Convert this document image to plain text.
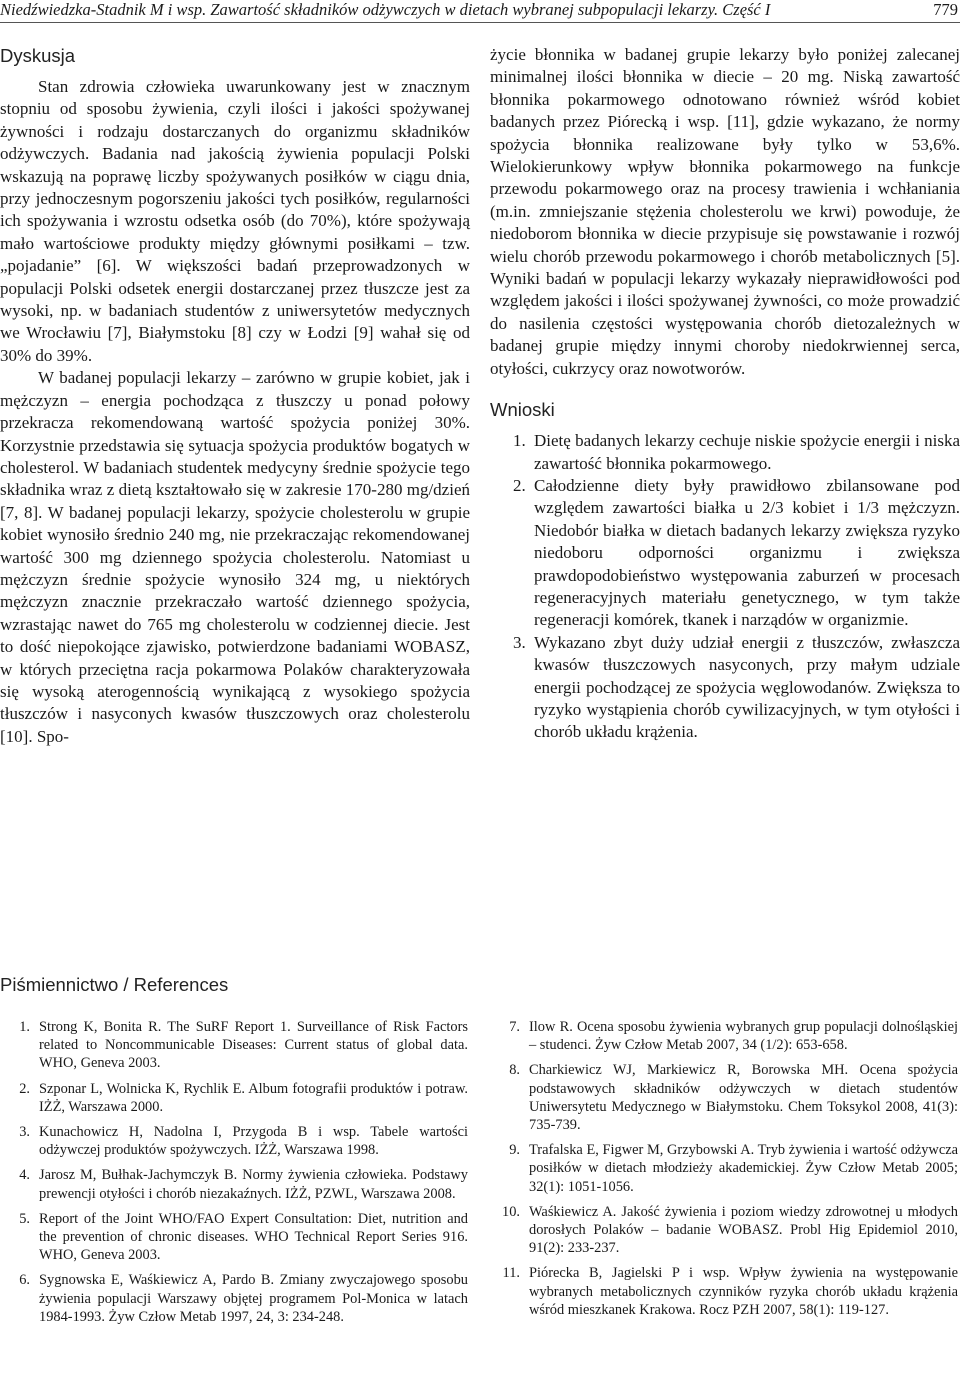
Niedźwiedzka-Stadnik M i wsp. Zawartość składników odżywczych w dietach wybranej subpopulacji lekarzy. Część I	779
Dyskusja

Stan zdrowia człowieka uwarunkowany jest w znacznym stopniu od sposobu żywienia, czyli ilości i jakości spożywanej żywności i rodzaju dostarczanych do organizmu składników odżywczych. Badania nad jakością żywienia populacji Polski wskazują na poprawę liczby spożywanych posiłków w ciągu dnia, przy jednoczesnym pogorszeniu jakości tych posiłków, regularności ich spożywania i wzrostu odsetka osób (do 70%), które spożywają mało wartościowe produkty między głównymi posiłkami – tzw. „pojadanie” [6]. W większości badań przeprowadzonych w populacji Polski odsetek energii dostarczanej przez tłuszcze jest za wysoki, np. w badaniach studentów z uniwersytetów medycznych we Wrocławiu [7], Białymstoku [8] czy w Łodzi [9] wahał się od 30% do 39%.

W badanej populacji lekarzy – zarówno w grupie kobiet, jak i mężczyzn – energia pochodząca z tłuszczy u ponad połowy przekracza rekomendowaną wartość spożycia poniżej 30%. Korzystnie przedstawia się sytuacja spożycia produktów bogatych w cholesterol. W badaniach studentek medycyny średnie spożycie tego składnika wraz z dietą kształtowało się w zakresie 170-280 mg/dzień [7, 8]. W badanej populacji lekarzy, spożycie cholesterolu w grupie kobiet wynosiło średnio 240 mg, nie przekraczając rekomendowanej wartość 300 mg dziennego spożycia cholesterolu. Natomiast u mężczyzn średnie spożycie wynosiło 324 mg, u niektórych mężczyzn znacznie przekraczało wartość dziennego spożycia, wzrastając nawet do 765 mg cholesterolu w codziennej diecie. Jest to dość niepokojące zjawisko, potwierdzone badaniami WOBASZ, w których przeciętna racja pokarmowa Polaków charakteryzowała się wysoką aterogennością wynikającą z wysokiego spożycia tłuszczów i nasyconych kwasów tłuszczowych oraz cholesterolu [10]. Spo-

życie błonnika w badanej grupie lekarzy było poniżej zalecanej minimalnej ilości błonnika w diecie – 20 mg. Niską zawartość błonnika pokarmowego odnotowano również wśród kobiet badanych przez Piórecką i wsp. [11], gdzie wykazano, że normy spożycia błonnika realizowane były tylko w 53,6%. Wielokierunkowy wpływ błonnika pokarmowego na funkcje przewodu pokarmowego oraz na procesy trawienia i wchłaniania (m.in. zmniejszanie stężenia cholesterolu we krwi) powoduje, że niedoborom błonnika w diecie przypisuje się powstawanie i rozwój wielu chorób przewodu pokarmowego i chorób metabolicznych [5]. Wyniki badań w populacji lekarzy wykazały nieprawidłowości pod względem jakości i ilości spożywanej żywności, co może prowadzić do nasilenia częstości występowania chorób dietozależnych w badanej grupie między innymi choroby niedokrwiennej serca, otyłości, cukrzycy oraz nowotworów.

Wnioski
1. Dietę badanych lekarzy cechuje niskie spożycie energii i niska zawartość błonnika pokarmowego.
2. Całodzienne diety były prawidłowo zbilansowane pod względem zawartości białka u 2/3 kobiet i 1/3 mężczyzn. Niedobór białka w dietach badanych lekarzy zwiększa ryzyko niedoboru odporności organizmu i zwiększa prawdopodobieństwo występowania zaburzeń w procesach regeneracyjnych materiału genetycznego, w tym także regeneracji komórek, tkanek i narządów w organizmie.
3. Wykazano zbyt duży udział energii z tłuszczów, zwłaszcza kwasów tłuszczowych nasyconych, przy małym udziale energii pochodzącej ze spożycia węglowodanów. Zwiększa to ryzyko wystąpienia chorób cywilizacyjnych, w tym otyłości i chorób układu krążenia.
Piśmiennictwo / References
1. Strong K, Bonita R. The SuRF Report 1. Surveillance of Risk Factors related to Noncommunicable Diseases: Current status of global data. WHO, Geneva 2003.
2. Szponar L, Wolnicka K, Rychlik E. Album fotografii produktów i potraw. IŻŻ, Warszawa 2000.
3. Kunachowicz H, Nadolna I, Przygoda B i wsp. Tabele wartości odżywczej produktów spożywczych. IŻŻ, Warszawa 1998.
4. Jarosz M, Bułhak-Jachymczyk B. Normy żywienia człowieka. Podstawy prewencji otyłości i chorób niezakaźnych. IŻŻ, PZWL, Warszawa 2008.
5. Report of the Joint WHO/FAO Expert Consultation: Diet, nutrition and the prevention of chronic diseases. WHO Technical Report Series 916. WHO, Geneva 2003.
6. Sygnowska E, Waśkiewicz A, Pardo B. Zmiany zwyczajowego sposobu żywienia populacji Warszawy objętej programem Pol-Monica w latach 1984-1993. Żyw Człow Metab 1997, 24, 3: 234-248.
7. Ilow R. Ocena sposobu żywienia wybranych grup populacji dolnośląskiej – studenci. Żyw Człow Metab 2007, 34 (1/2): 653-658.
8. Charkiewicz WJ, Markiewicz R, Borowska MH. Ocena spożycia podstawowych składników odżywczych w dietach studentów Uniwersytetu Medycznego w Białymstoku. Chem Toksykol 2008, 41(3): 735-739.
9. Trafalska E, Figwer M, Grzybowski A. Tryb żywienia i wartość odżywcza posiłków w dietach młodzieży akademickiej. Żyw Człow Metab 2005; 32(1): 1051-1056.
10. Waśkiewicz A. Jakość żywienia i poziom wiedzy zdrowotnej u młodych dorosłych Polaków – badanie WOBASZ. Probl Hig Epidemiol 2010, 91(2): 233-237.
11. Piórecka B, Jagielski P i wsp. Wpływ żywienia na występowanie wybranych metabolicznych czynników ryzyka chorób układu krążenia wśród mieszkanek Krakowa. Rocz PZH 2007, 58(1): 119-127.
